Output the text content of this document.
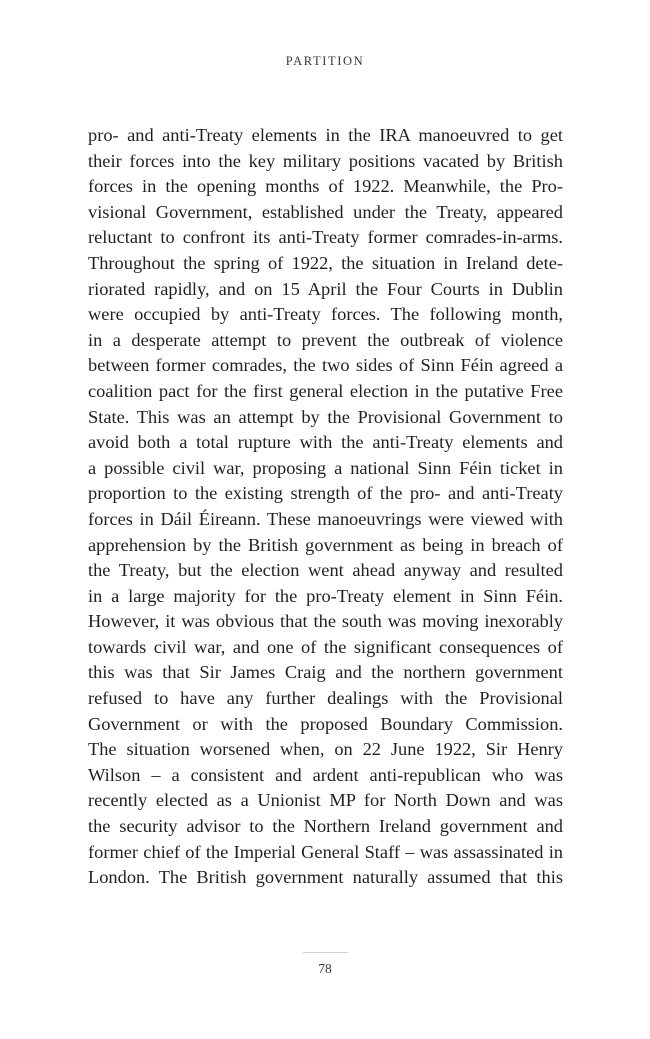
PARTITION
pro- and anti-Treaty elements in the IRA manoeuvred to get
their forces into the key military positions vacated by British
forces in the opening months of 1922. Meanwhile, the Pro-
visional Government, established under the Treaty, appeared
reluctant to confront its anti-Treaty former comrades-in-arms.
Throughout the spring of 1922, the situation in Ireland dete-
riorated rapidly, and on 15 April the Four Courts in Dublin
were occupied by anti-Treaty forces. The following month,
in a desperate attempt to prevent the outbreak of violence
between former comrades, the two sides of Sinn Féin agreed a
coalition pact for the first general election in the putative Free
State. This was an attempt by the Provisional Government to
avoid both a total rupture with the anti-Treaty elements and
a possible civil war, proposing a national Sinn Féin ticket in
proportion to the existing strength of the pro- and anti-Treaty
forces in Dáil Éireann. These manoeuvrings were viewed with
apprehension by the British government as being in breach of
the Treaty, but the election went ahead anyway and resulted
in a large majority for the pro-Treaty element in Sinn Féin.
However, it was obvious that the south was moving inexorably
towards civil war, and one of the significant consequences of
this was that Sir James Craig and the northern government
refused to have any further dealings with the Provisional
Government or with the proposed Boundary Commission.
The situation worsened when, on 22 June 1922, Sir Henry
Wilson – a consistent and ardent anti-republican who was
recently elected as a Unionist MP for North Down and was
the security advisor to the Northern Ireland government and
former chief of the Imperial General Staff – was assassinated in
London. The British government naturally assumed that this
78
